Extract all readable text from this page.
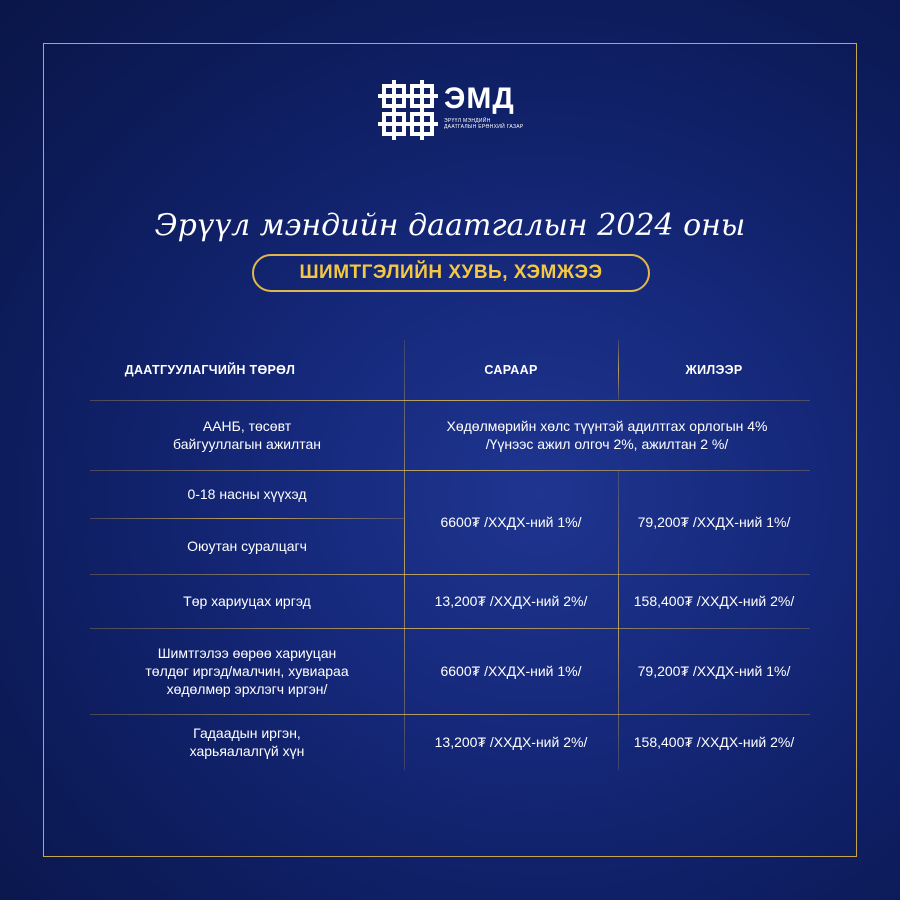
ЭМД
ЭРҮҮЛ МЭНДИЙН ДААТГАЛЫН ЕРӨНХИЙ ГАЗАР
Эрүүл мэндийн даатгалын 2024 оны
ШИМТГЭЛИЙН ХУВЬ, ХЭМЖЭЭ
ДААТГУУЛАГЧИЙН ТӨРӨЛ	САРААР	ЖИЛЭЭР
ААНБ, төсөвт
байгууллагын ажилтан
Хөдөлмөрийн хөлс түүнтэй адилтгах орлогын 4%
/Үүнээс ажил олгоч 2%, ажилтан 2 %/
0-18 насны хүүхэд
Оюутан суралцагч
6600₮ /ХХДХ-ний 1%/	79,200₮ /ХХДХ-ний 1%/
Төр хариуцах иргэд	13,200₮ /ХХДХ-ний 2%/	158,400₮ /ХХДХ-ний 2%/
Шимтгэлээ өөрөө хариуцан
төлдөг иргэд/малчин, хувиараа
хөдөлмөр эрхлэгч иргэн/
6600₮ /ХХДХ-ний 1%/	79,200₮ /ХХДХ-ний 1%/
Гадаадын иргэн,
харьяалалгүй хүн
13,200₮ /ХХДХ-ний 2%/	158,400₮ /ХХДХ-ний 2%/
